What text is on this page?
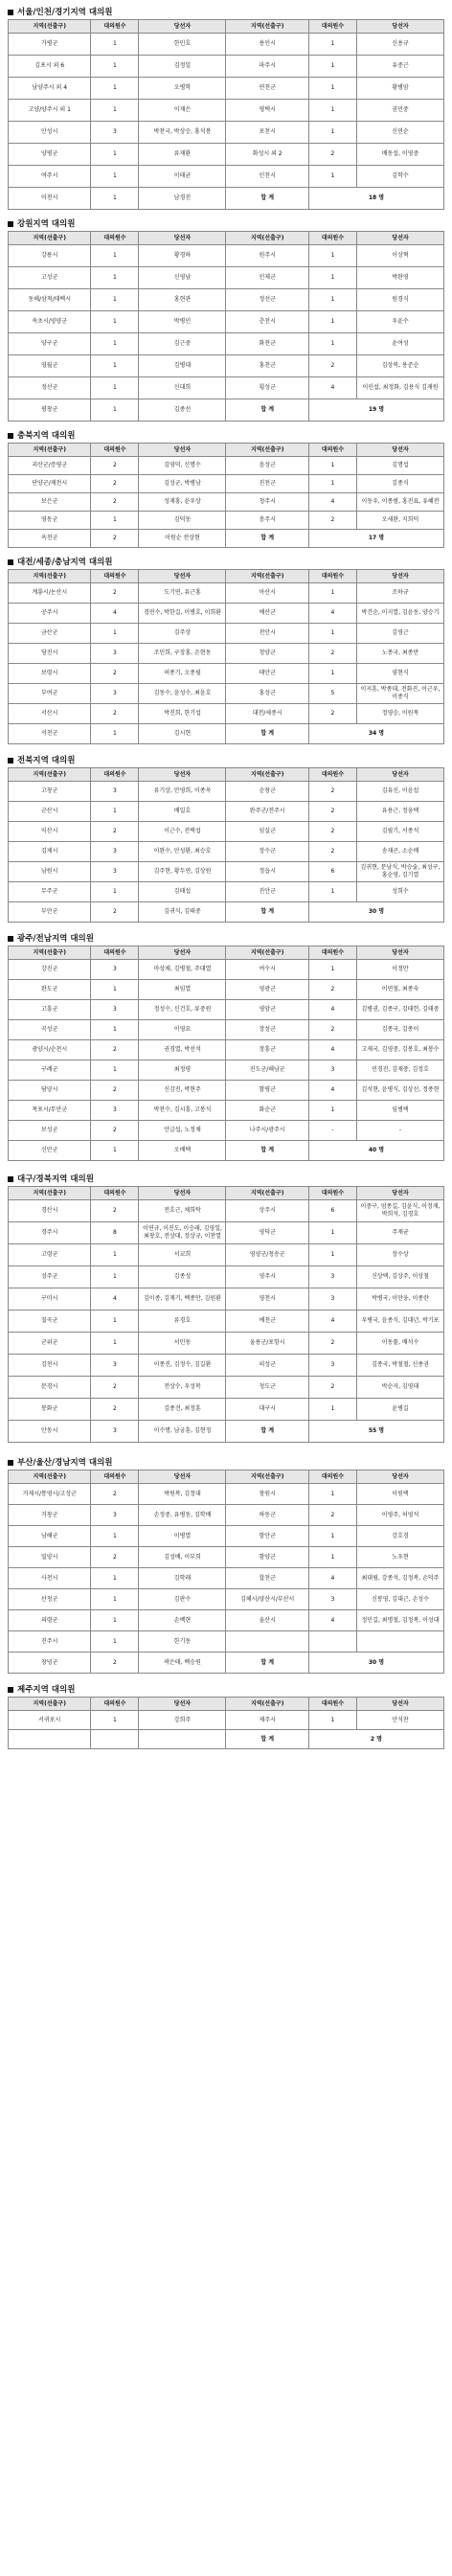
서울/인천/경기지역 대의원
지역(선출구)	대의원수	당선자	지역(선출구)	대의원수	당선자
가평군	1	한민호	용인시	1	신용규
김포시 외 6	1	김정일	파주시	1	유중근
남양주시 외 4	1	오병학	연천군	1	황병암
고양/양주시 외 1	1	이재은	평택시	1	권민중
안성시	3	박찬국, 박상승, 홍석봉	포천시	1	신연순
양평군	1	류재환	화성시 외 2	2	배동섭, 이영중
여주시	1	이태균	인천시	1	김학수
이천시	1	남경진	합 계	18 명	
강원지역 대의원
지역(선출구)	대의원수	당선자	지역(선출구)	대의원수	당선자
강릉시	1	황경하	원주시	1	이상혁
고성군	1	신영남	인제군	1	박완영
동해/삼척/태백시	1	홍현관	정선군	1	원경식
속초시/양양군	1	박병인	춘천시	1	우윤수
양구군	1	김근중	화천군	1	윤여성
영월군	1	김병대	홍천군	2	김상복, 용준순
정선군	1	신대희	횡성군	4	이인섭, 최정화, 김용식 김재원
평창군	1	김종선	합 계	19 명	
충북지역 대의원
지역(선출구)	대의원수	당선자	지역(선출구)	대의원수	당선자
괴산군/증평군	2	김영덕, 신명수	음성군	1	김명섭
단양군/제천시	2	김성군, 박병남	진천군	1	김종식
보은군	2	성재홍, 윤우상	청주시	4	이동우, 이종범, 홍진표, 유혜전
영동군	1	김덕동	충주시	2	오세완, 지희덕
옥천군	2	이원순 전상현	합 계	17 명	
대전/세종/충남지역 대의원
지역(선출구)	대의원수	당선자	지역(선출구)	대의원수	당선자
계룡시/논산시	2	도기연, 유근홍	아산시	1	조하규
공주시	4	경연수, 박한길, 이병호, 이희환	예산군	4	박건순, 이지열, 김윤동, 양승기
금산군	1	김주상	천안시	1	김영근
당진시	3	조민희, 구장홍, 손현동	청양군	2	노종국, 최종만
보령시	2	허종기, 오종필	태안군	1	염현식
부여군	3	김동수, 윤성수, 최윤호	홍성군	5	이지훈, 박종대, 전화진, 이근우, 이종식
서산시	2	박진희, 한기섭	대전/세종시	2	정영승, 이원목
서천군	1	김시현	합 계	34 명	
전북지역 대의원
지역(선출구)	대의원수	당선자	지역(선출구)	대의원수	당선자
고창군	3	류기상, 안영희, 이종옥	순창군	2	김유신, 이윤섭
군산시	1	배일호	완주군/전주시	2	유용근, 정웅택
익산시	2	이근수, 전택섭	임실군	2	김필기, 서종석
김제시	3	이완수, 안성환, 최승호	장수군	2	송재곤, 소순배
남원시	3	김주현, 황두연, 김상원	정읍시	6	김귀현, 문남식, 박승술, 최성구, 홍순영, 김기열
무주군	1	김태섭	진안군	1	성희수
부안군	2	김귀식, 김태중	합 계	30 명	
광주/전남지역 대의원
지역(선출구)	대의원수	당선자	지역(선출구)	대의원수	당선자
강진군	3	마상채, 김병철, 주대열	여수시	1	이정만
완도군	1	최임열	영광군	2	이연철, 최종숙
고흥군	3	정성수, 신건호, 류중원	영암군	4	김병권, 김종구, 김태헌, 김태중
곡성군	1	이영요	장성군	2	김종국, 김종이
광양시/순천시	2	권경열, 박선석	장흥군	4	고재국, 김영중, 김봉호, 최봉수
구례군	1	최정평	진도군/해남군	3	민경진, 김재중, 김정호
담양시	2	신감진, 박현주	함평군	4	김석현, 윤병식, 김상선, 정종현
목포시/무안군	3	박찬수, 김시흥, 고봉식	화순군	1	임병택
보성군	2	안급섭, 노정채	나주시/광주시	-	-
신안군	1	오배택	합 계	40 명	
대구/경북지역 대의원
지역(선출구)	대의원수	당선자	지역(선출구)	대의원수	당선자
경산시	2	전호근, 채희탁	상주시	6	이중구, 엄종길, 김윤식, 이정재, 박희석, 김경호
경주시	8	이연규, 이진도, 이승래, 김영일, 최창호, 전상대, 장상규, 이찬열	영덕군	1	주재균
고령군	1	서교희	영양군/청송군	1	장수상
성주군	1	김종성	영주시	3	신상택, 김상주, 이상철
구미시	4	김이종, 김재기, 백종만, 김원환	영천시	3	박병국, 이만웅, 이종란
칠곡군	1	류경호	예천군	4	우병국, 윤종식, 김대년, 박기포
군위군	1	서민동	울릉군/포항시	2	이동률, 배석수
김천시	3	이종진, 김정수, 김길환	의성군	3	김종국, 박철철, 신종권
문경시	2	전상수, 우성복	청도군	2	박순자, 김영대
봉화군	2	김종견, 최정훈	대구시	1	윤병길
안동시	3	이수명, 남궁훈, 김현정	합 계	55 명	
부산/울산/경남지역 대의원
지역(선출구)	대의원수	당선자	지역(선출구)	대의원수	당선자
거제시/통영시/고성군	2	박원복, 김정대	창원시	1	이원택
거창군	3	손정중, 유병동, 김학배	하동군	2	이영주, 허영석
남해군	1	이병열	함안군	1	강호경
밀양시	2	김성배, 이부희	함양군	1	노우현
사천시	1	김학래	합천군	4	최대림, 강종석, 김정복, 손덕주
산청군	1	김판수	김해시/양산시/부산시	3	신봉영, 김대근, 손성수
의령군	1	손백현	울산시	4	정인길, 최명철, 김정복, 이성대
진주시	1	한기동			
창녕군	2	곽은태, 백승원	합 계	30 명	
제주지역 대의원
지역(선출구)	대의원수	당선자	지역(선출구)	대의원수	당선자
서귀포시	1	강희주	제주시	1	안석찬
			합 계	2 명	
